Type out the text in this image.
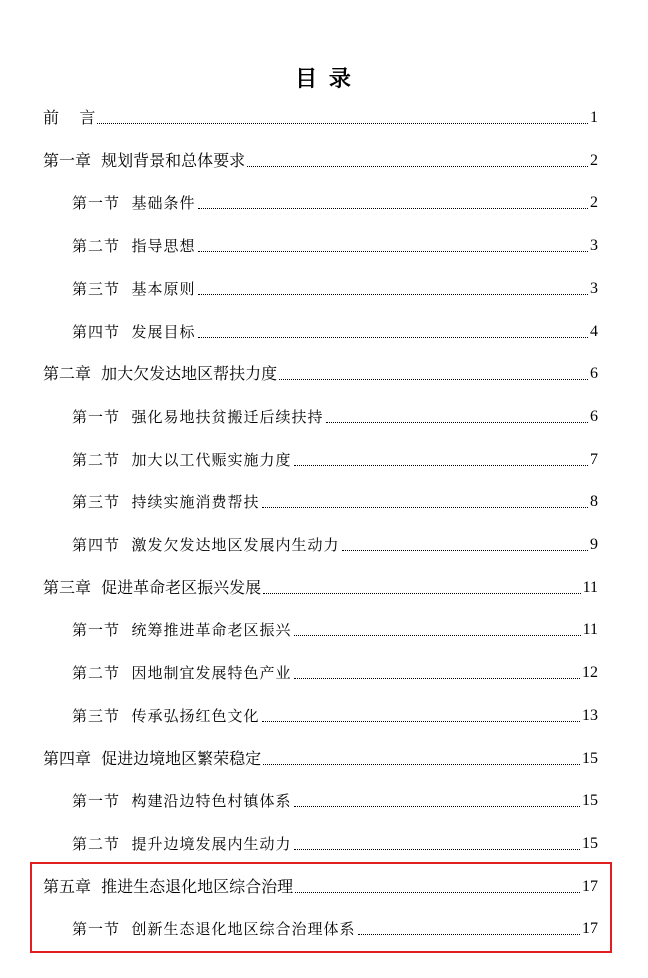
目 录
前    言	1
第一章  规划背景和总体要求	2
第一节  基础条件	2
第二节  指导思想	3
第三节  基本原则	3
第四节  发展目标	4
第二章  加大欠发达地区帮扶力度	6
第一节  强化易地扶贫搬迁后续扶持	6
第二节  加大以工代赈实施力度	7
第三节  持续实施消费帮扶	8
第四节  激发欠发达地区发展内生动力	9
第三章  促进革命老区振兴发展	11
第一节  统筹推进革命老区振兴	11
第二节  因地制宜发展特色产业	12
第三节  传承弘扬红色文化	13
第四章  促进边境地区繁荣稳定	15
第一节  构建沿边特色村镇体系	15
第二节  提升边境发展内生动力	15
第五章  推进生态退化地区综合治理	17
第一节  创新生态退化地区综合治理体系	17
